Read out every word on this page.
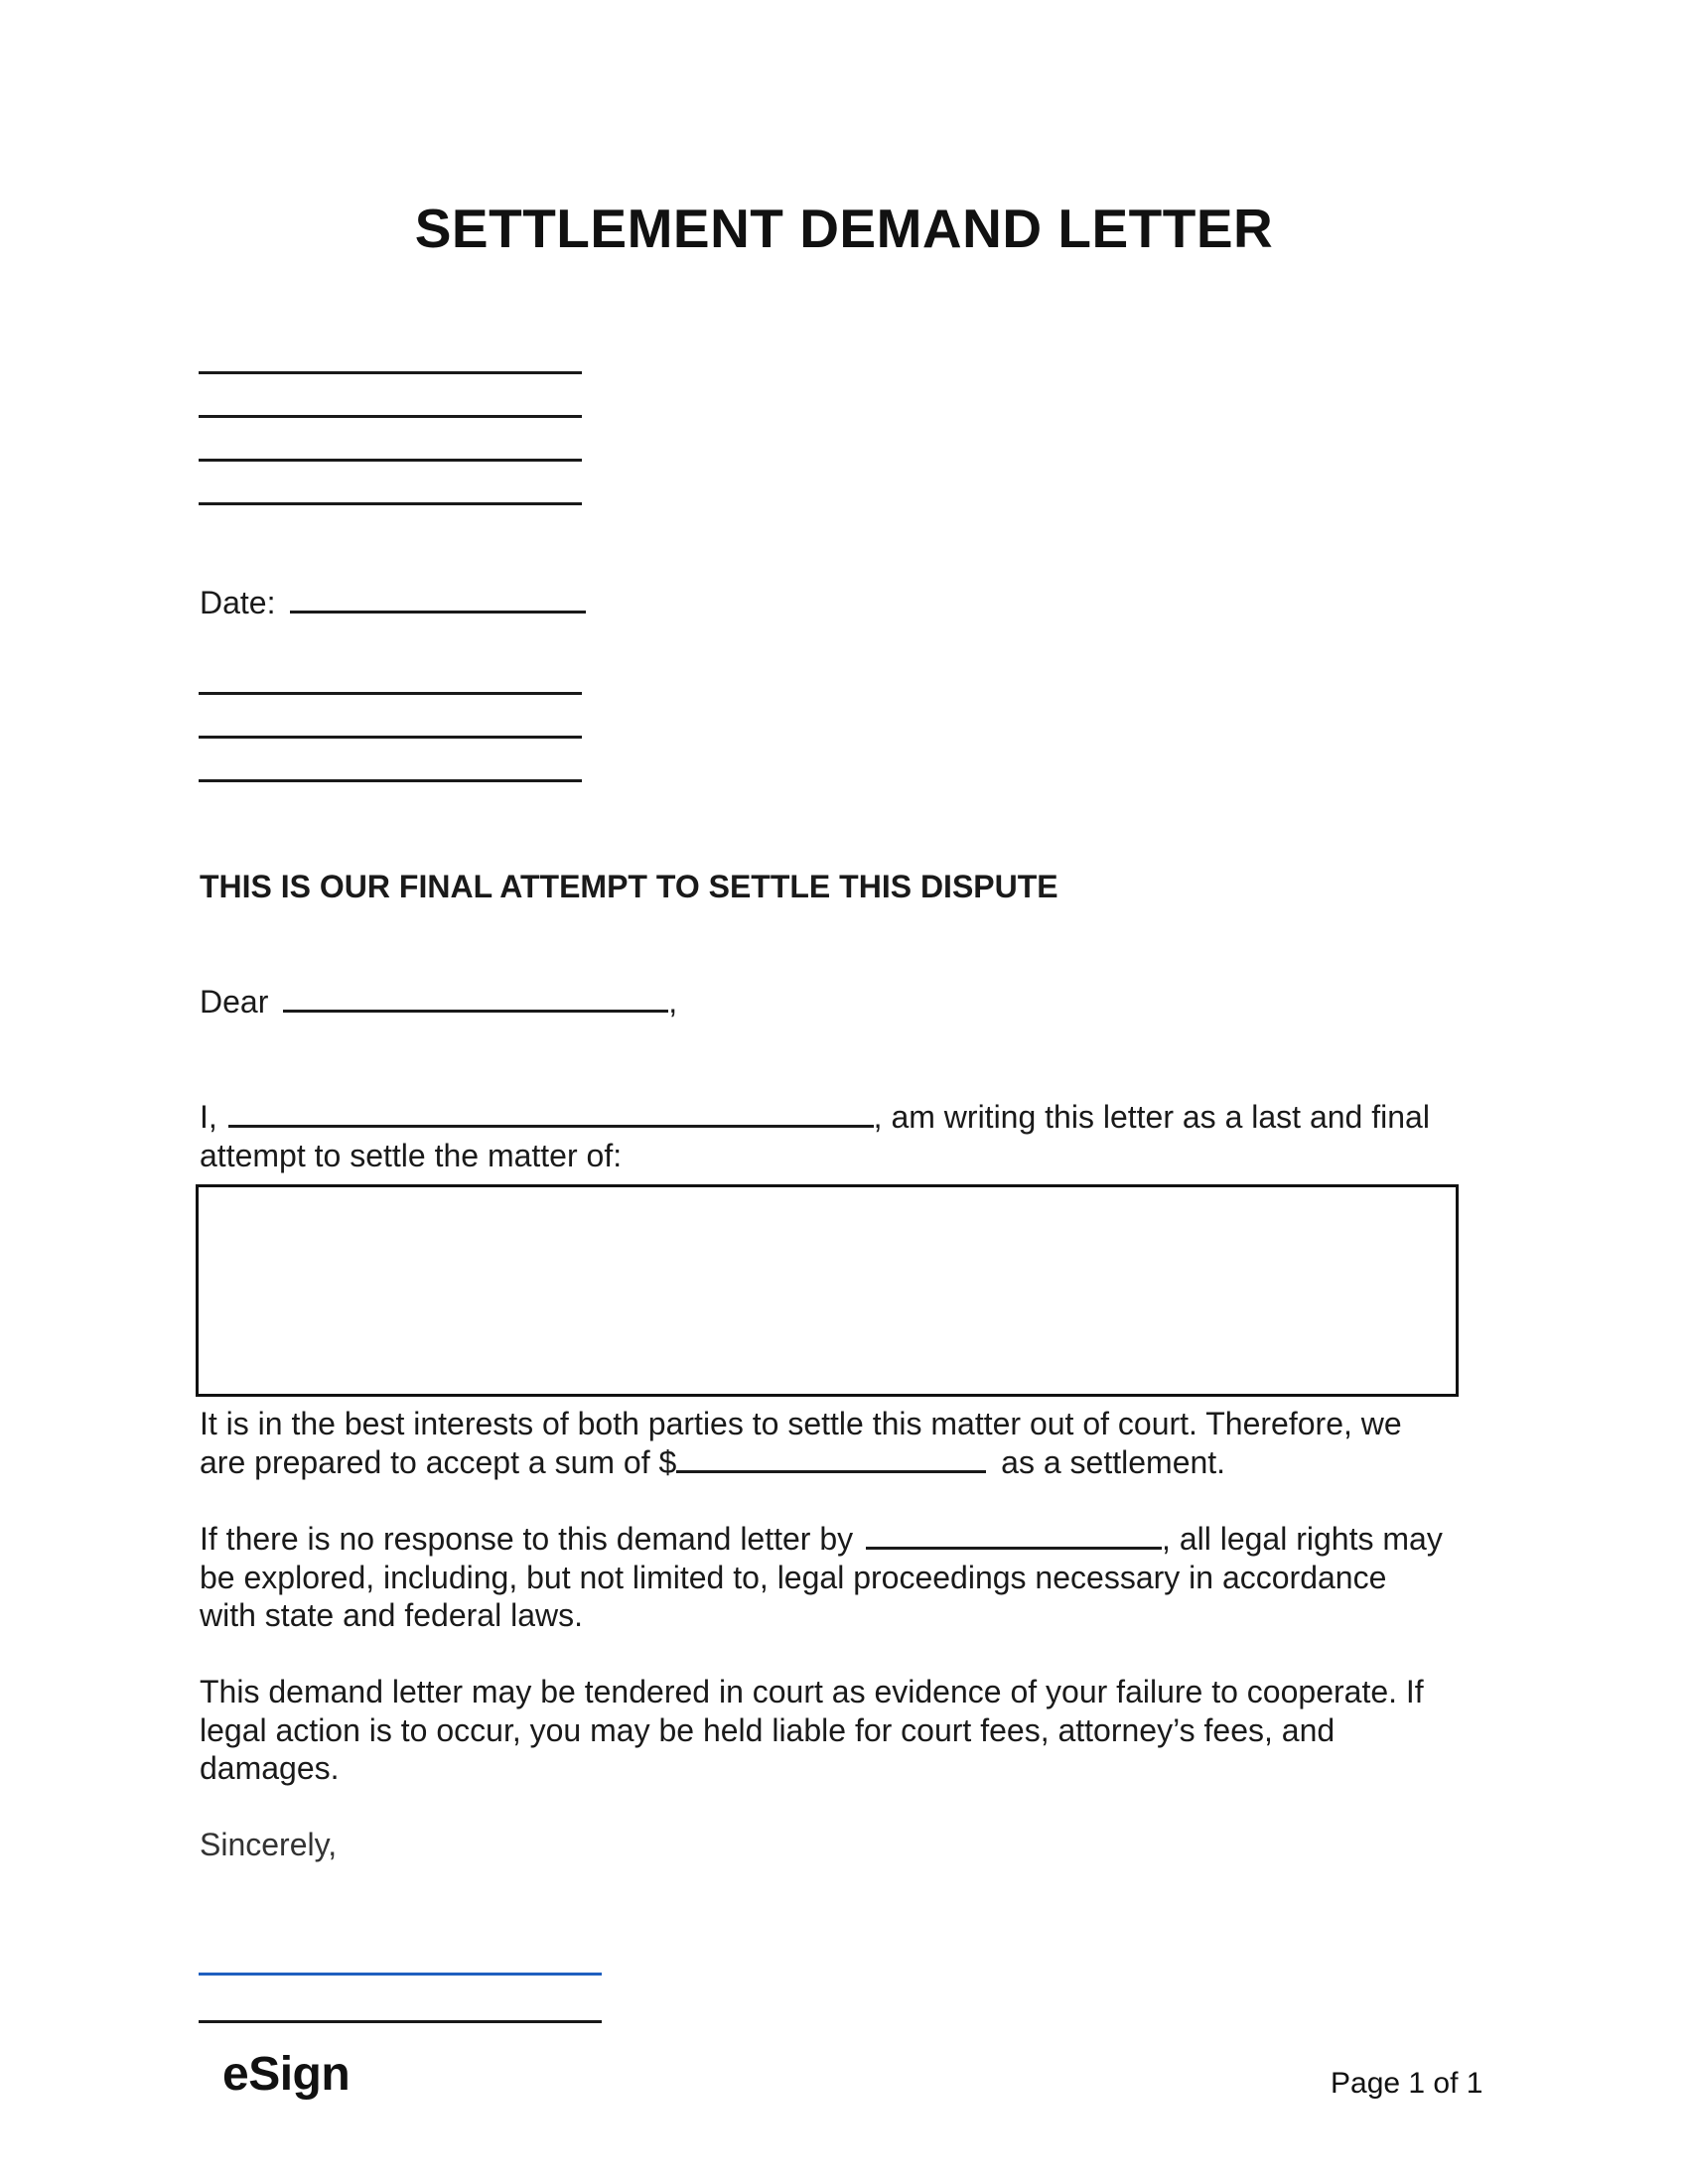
SETTLEMENT DEMAND LETTER

Date:

THIS IS OUR FINAL ATTEMPT TO SETTLE THIS DISPUTE

Dear	,

I,	, am writing this letter as a last and final
attempt to settle the matter of:
It is in the best interests of both parties to settle this matter out of court. Therefore, we
are prepared to accept a sum of $	as a settlement.
If there is no response to this demand letter by	, all legal rights may
be explored, including, but not limited to, legal proceedings necessary in accordance
with state and federal laws.
This demand letter may be tendered in court as evidence of your failure to cooperate. If
legal action is to occur, you may be held liable for court fees, attorney’s fees, and
damages.

Sincerely,

eSign	Page 1 of 1
